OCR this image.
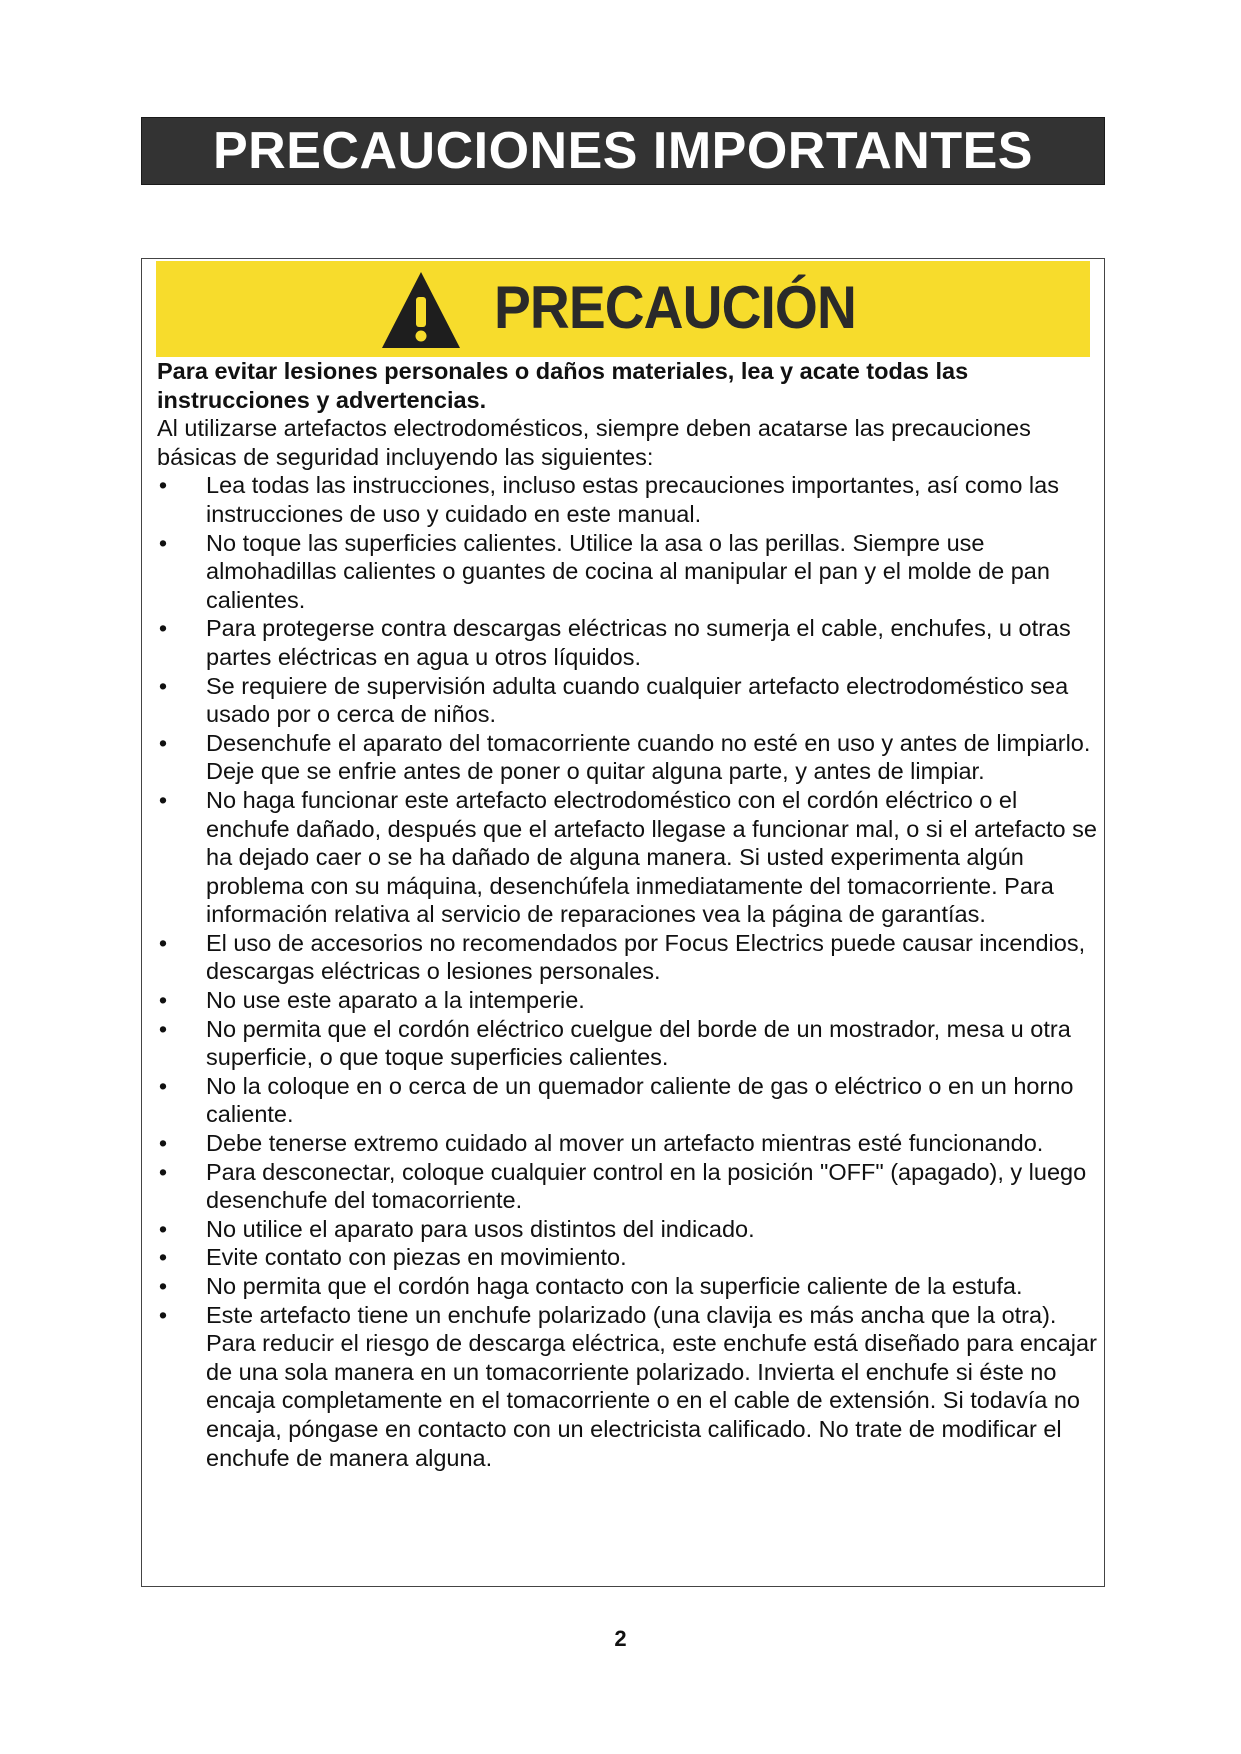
PRECAUCIONES IMPORTANTES
PRECAUCIÓN

Para evitar lesiones personales o daños materiales, lea y acate todas las instrucciones y advertencias.

Al utilizarse artefactos electrodomésticos, siempre deben acatarse las precauciones básicas de seguridad incluyendo las siguientes:

• Lea todas las instrucciones, incluso estas precauciones importantes, así como las instrucciones de uso y cuidado en este manual.
• No toque las superficies calientes. Utilice la asa o las perillas. Siempre use almohadillas calientes o guantes de cocina al manipular el pan y el molde de pan calientes.
• Para protegerse contra descargas eléctricas no sumerja el cable, enchufes, u otras partes eléctricas en agua u otros líquidos.
• Se requiere de supervisión adulta cuando cualquier artefacto electrodoméstico sea usado por o cerca de niños.
• Desenchufe el aparato del tomacorriente cuando no esté en uso y antes de limpiarlo. Deje que se enfrie antes de poner o quitar alguna parte, y antes de limpiar.
• No haga funcionar este artefacto electrodoméstico con el cordón eléctrico o el enchufe dañado, después que el artefacto llegase a funcionar mal, o si el artefacto se ha dejado caer o se ha dañado de alguna manera. Si usted experimenta algún problema con su máquina, desenchúfela inmediatamente del tomacorriente. Para información relativa al servicio de reparaciones vea la página de garantías.
• El uso de accesorios no recomendados por Focus Electrics puede causar incendios, descargas eléctricas o lesiones personales.
• No use este aparato a la intemperie.
• No permita que el cordón eléctrico cuelgue del borde de un mostrador, mesa u otra superficie, o que toque superficies calientes.
• No la coloque en o cerca de un quemador caliente de gas o eléctrico o en un horno caliente.
• Debe tenerse extremo cuidado al mover un artefacto mientras esté funcionando.
• Para desconectar, coloque cualquier control en la posición "OFF" (apagado), y luego desenchufe del tomacorriente.
• No utilice el aparato para usos distintos del indicado.
• Evite contato con piezas en movimiento.
• No permita que el cordón haga contacto con la superficie caliente de la estufa.
• Este artefacto tiene un enchufe polarizado (una clavija es más ancha que la otra). Para reducir el riesgo de descarga eléctrica, este enchufe está diseñado para encajar de una sola manera en un tomacorriente polarizado. Invierta el enchufe si éste no encaja completamente en el tomacorriente o en el cable de extensión. Si todavía no encaja, póngase en contacto con un electricista calificado. No trate de modificar el enchufe de manera alguna.
2
